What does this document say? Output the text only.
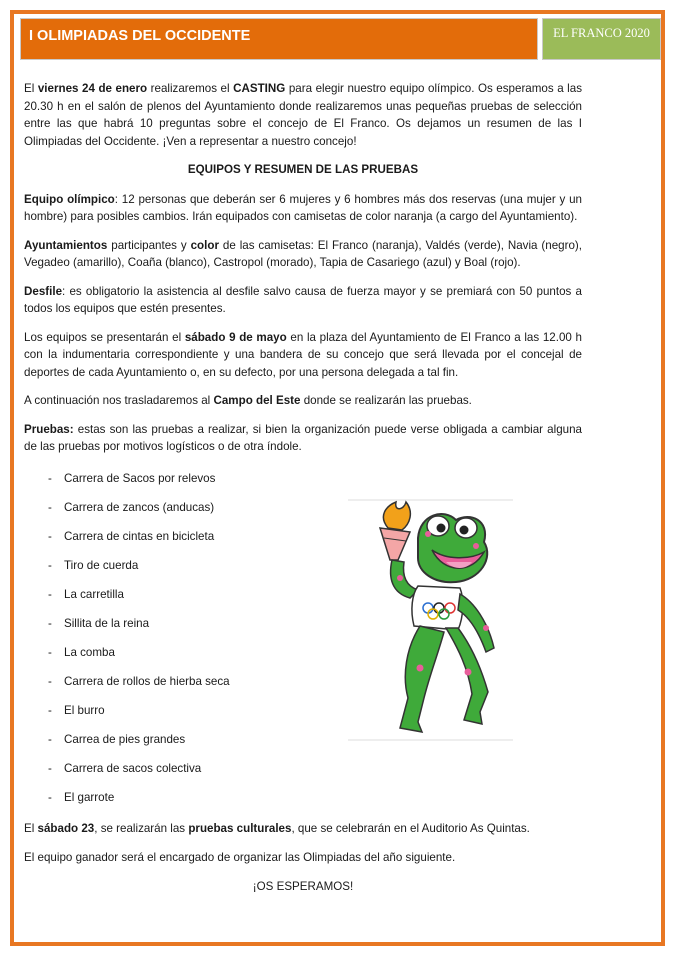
I OLIMPIADAS DEL OCCIDENTE	EL FRANCO 2020

El viernes 24 de enero realizaremos el CASTING para elegir nuestro equipo olímpico. Os esperamos a las 20.30 h en el salón de plenos del Ayuntamiento donde realizaremos unas pequeñas pruebas de selección entre las que habrá 10 preguntas sobre el concejo de El Franco. Os dejamos un resumen de las I Olimpiadas del Occidente. ¡Ven a representar a nuestro concejo!

EQUIPOS Y RESUMEN DE LAS PRUEBAS

Equipo olímpico: 12 personas que deberán ser 6 mujeres y 6 hombres más dos reservas (una mujer y un hombre) para posibles cambios. Irán equipados con camisetas de color naranja (a cargo del Ayuntamiento).

Ayuntamientos participantes y color de las camisetas: El Franco (naranja), Valdés (verde), Navia (negro), Vegadeo (amarillo), Coaña (blanco), Castropol (morado), Tapia de Casariego (azul) y Boal (rojo).

Desfile: es obligatorio la asistencia al desfile salvo causa de fuerza mayor y se premiará con 50 puntos a todos los equipos que estén presentes.

Los equipos se presentarán el sábado 9 de mayo en la plaza del Ayuntamiento de El Franco a las 12.00 h con la indumentaria correspondiente y una bandera de su concejo que será llevada por el concejal de deportes de cada Ayuntamiento o, en su defecto, por una persona delegada a tal fin.

A continuación nos trasladaremos al Campo del Este donde se realizarán las pruebas.

Pruebas: estas son las pruebas a realizar, si bien la organización puede verse obligada a cambiar alguna de las pruebas por motivos logísticos o de otra índole.

- Carrera de Sacos por relevos
- Carrera de zancos (anducas)
- Carrera de cintas en bicicleta
- Tiro de cuerda
- La carretilla
- Sillita de la reina
- La comba
- Carrera de rollos de hierba seca
- El burro
- Carrea de pies grandes
- Carrera de sacos colectiva
- El garrote

El sábado 23, se realizarán las pruebas culturales, que se celebrarán en el Auditorio As Quintas.

El equipo ganador será el encargado de organizar las Olimpiadas del año siguiente.

¡OS ESPERAMOS!
